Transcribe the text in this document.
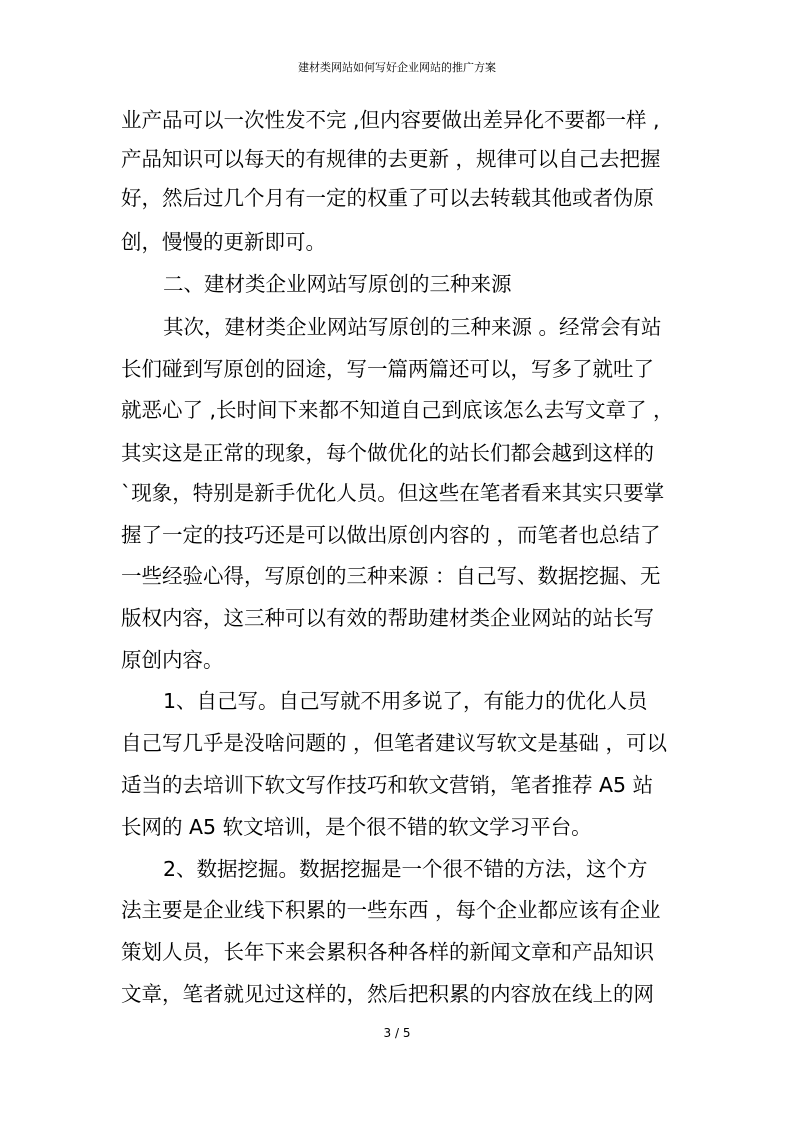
建材类网站如何写好企业网站的推广方案
业产品可以一次性发不完 ,但内容要做出差异化不要都一样 ,
产品知识可以每天的有规律的去更新 ，规律可以自己去把握
好，然后过几个月有一定的权重了可以去转载其他或者伪原
创，慢慢的更新即可。
二、建材类企业网站写原创的三种来源
其次，建材类企业网站写原创的三种来源 。经常会有站
长们碰到写原创的囧途，写一篇两篇还可以，写多了就吐了
就恶心了 ,长时间下来都不知道自己到底该怎么去写文章了 ，
其实这是正常的现象，每个做优化的站长们都会越到这样的
`现象，特别是新手优化人员。但这些在笔者看来其实只要掌
握了一定的技巧还是可以做出原创内容的 ，而笔者也总结了
一些经验心得，写原创的三种来源 ：自己写、数据挖掘、无
版权内容，这三种可以有效的帮助建材类企业网站的站长写
原创内容。
1、自己写。自己写就不用多说了，有能力的优化人员
自己写几乎是没啥问题的 ，但笔者建议写软文是基础 ，可以
适当的去培训下软文写作技巧和软文营销，笔者推荐 A5 站
长网的 A5 软文培训，是个很不错的软文学习平台。
2、数据挖掘。数据挖掘是一个很不错的方法，这个方
法主要是企业线下积累的一些东西 ，每个企业都应该有企业
策划人员，长年下来会累积各种各样的新闻文章和产品知识
文章，笔者就见过这样的，然后把积累的内容放在线上的网
3 / 5
